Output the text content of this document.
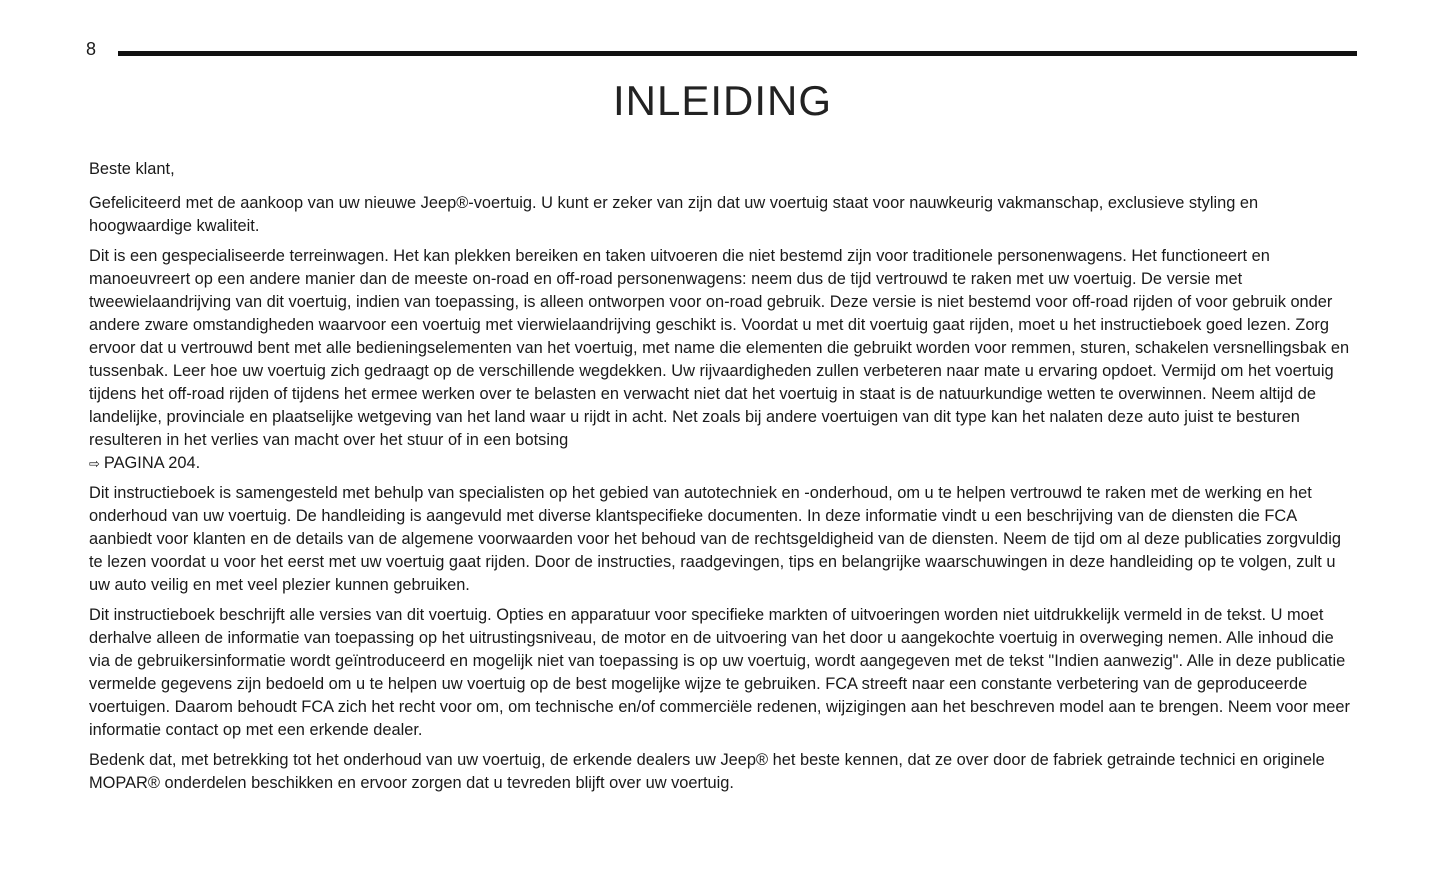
8
INLEIDING

Beste klant,

Gefeliciteerd met de aankoop van uw nieuwe Jeep®-voertuig. U kunt er zeker van zijn dat uw voertuig staat voor nauwkeurig vakmanschap, exclusieve styling en hoogwaardige kwaliteit.

Dit is een gespecialiseerde terreinwagen. Het kan plekken bereiken en taken uitvoeren die niet bestemd zijn voor traditionele personenwagens. Het functioneert en manoeuvreert op een andere manier dan de meeste on-road en off-road personenwagens: neem dus de tijd vertrouwd te raken met uw voertuig. De versie met tweewielaandrijving van dit voertuig, indien van toepassing, is alleen ontworpen voor on-road gebruik. Deze versie is niet bestemd voor off-road rijden of voor gebruik onder andere zware omstandigheden waarvoor een voertuig met vierwielaandrijving geschikt is. Voordat u met dit voertuig gaat rijden, moet u het instructieboek goed lezen. Zorg ervoor dat u vertrouwd bent met alle bedieningselementen van het voertuig, met name die elementen die gebruikt worden voor remmen, sturen, schakelen versnellingsbak en tussenbak. Leer hoe uw voertuig zich gedraagt op de verschillende wegdekken. Uw rijvaardigheden zullen verbeteren naar mate u ervaring opdoet. Vermijd om het voertuig tijdens het off-road rijden of tijdens het ermee werken over te belasten en verwacht niet dat het voertuig in staat is de natuurkundige wetten te overwinnen. Neem altijd de landelijke, provinciale en plaatselijke wetgeving van het land waar u rijdt in acht. Net zoals bij andere voertuigen van dit type kan het nalaten deze auto juist te besturen resulteren in het verlies van macht over het stuur of in een botsing
⇨ PAGINA 204.

Dit instructieboek is samengesteld met behulp van specialisten op het gebied van autotechniek en -onderhoud, om u te helpen vertrouwd te raken met de werking en het onderhoud van uw voertuig. De handleiding is aangevuld met diverse klantspecifieke documenten. In deze informatie vindt u een beschrijving van de diensten die FCA aanbiedt voor klanten en de details van de algemene voorwaarden voor het behoud van de rechtsgeldigheid van de diensten. Neem de tijd om al deze publicaties zorgvuldig te lezen voordat u voor het eerst met uw voertuig gaat rijden. Door de instructies, raadgevingen, tips en belangrijke waarschuwingen in deze handleiding op te volgen, zult u uw auto veilig en met veel plezier kunnen gebruiken.

Dit instructieboek beschrijft alle versies van dit voertuig. Opties en apparatuur voor specifieke markten of uitvoeringen worden niet uitdrukkelijk vermeld in de tekst. U moet derhalve alleen de informatie van toepassing op het uitrustingsniveau, de motor en de uitvoering van het door u aangekochte voertuig in overweging nemen. Alle inhoud die via de gebruikersinformatie wordt geïntroduceerd en mogelijk niet van toepassing is op uw voertuig, wordt aangegeven met de tekst "Indien aanwezig". Alle in deze publicatie vermelde gegevens zijn bedoeld om u te helpen uw voertuig op de best mogelijke wijze te gebruiken. FCA streeft naar een constante verbetering van de geproduceerde voertuigen. Daarom behoudt FCA zich het recht voor om, om technische en/of commerciële redenen, wijzigingen aan het beschreven model aan te brengen. Neem voor meer informatie contact op met een erkende dealer.

Bedenk dat, met betrekking tot het onderhoud van uw voertuig, de erkende dealers uw Jeep® het beste kennen, dat ze over door de fabriek getrainde technici en originele MOPAR® onderdelen beschikken en ervoor zorgen dat u tevreden blijft over uw voertuig.
